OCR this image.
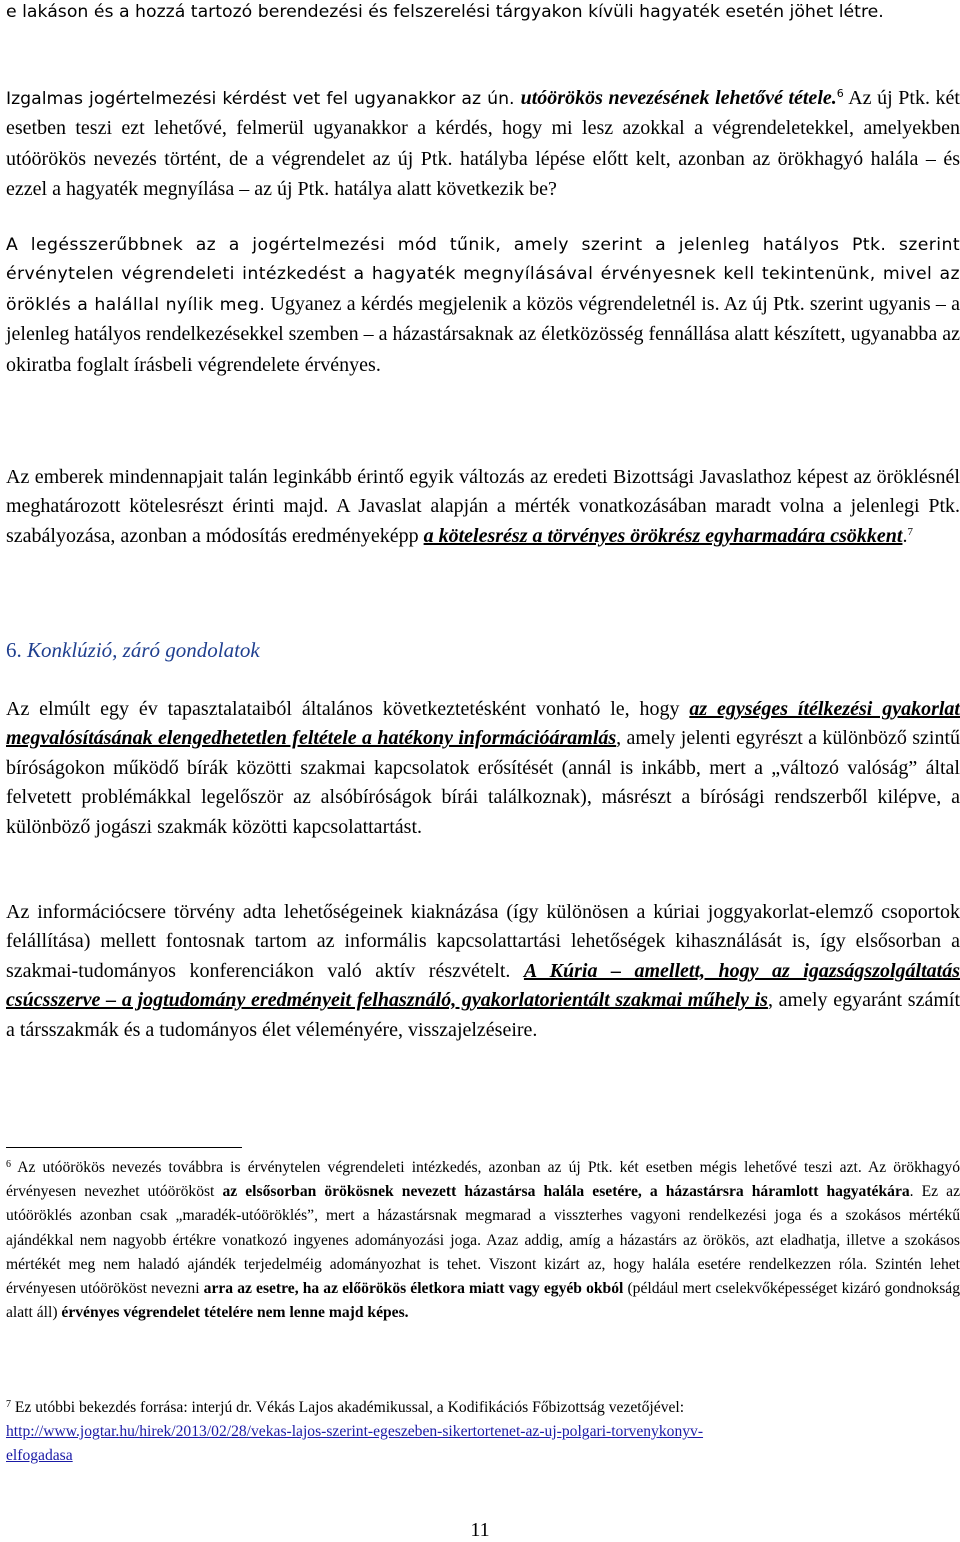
e lakáson és a hozzá tartozó berendezési és felszerelési tárgyakon kívüli hagyaték esetén jöhet létre.

Izgalmas jogértelmezési kérdést vet fel ugyanakkor az ún. utóörökös nevezésének lehetővé tétele.$^6$ Az új Ptk. két esetben teszi ezt lehetővé, felmerül ugyanakkor a kérdés, hogy mi lesz azokkal a végrendeletekkel, amelyekben utóörökös nevezés történt, de a végrendelet az új Ptk. hatályba lépése előtt kelt, azonban az örökhagyó halála – és ezzel a hagyaték megnyílása – az új Ptk. hatálya alatt következik be?

A legésszerűbbnek az a jogértelmezési mód tűnik, amely szerint a jelenleg hatályos Ptk. szerint érvénytelen végrendeleti intézkedést a hagyaték megnyílásával érvényesnek kell tekintenünk, mivel az öröklés a halállal nyílik meg. Ugyanez a kérdés megjelenik a közös végrendeletnél is. Az új Ptk. szerint ugyanis – a jelenleg hatályos rendelkezésekkel szemben – a házastársaknak az életközösség fennállása alatt készített, ugyanabba az okiratba foglalt írásbeli végrendelete érvényes.

Az emberek mindennapjait talán leginkább érintő egyik változás az eredeti Bizottsági Javaslathoz képest az öröklésnél meghatározott kötelesrészt érinti majd. A Javaslat alapján a mérték vonatkozásában maradt volna a jelenlegi Ptk. szabályozása, azonban a módosítás eredményeképp a kötelesrész a törvényes örökrész egyharmadára csökkent.$^7$

6. Konklúzió, záró gondolatok

Az elmúlt egy év tapasztalataiból általános következtetésként vonható le, hogy az egységes ítélkezési gyakorlat megvalósításának elengedhetetlen feltétele a hatékony információáramlás, amely jelenti egyrészt a különböző szintű bíróságokon működő bírák közötti szakmai kapcsolatok erősítését (annál is inkább, mert a „változó valóság” által felvetett problémákkal legelőször az alsóbíróságok bírái találkoznak), másrészt a bírósági rendszerből kilépve, a különböző jogászi szakmák közötti kapcsolattartást.

Az információcsere törvény adta lehetőségeinek kiaknázása (így különösen a kúriai joggyakorlat-elemző csoportok felállítása) mellett fontosnak tartom az informális kapcsolattartási lehetőségek kihasználását is, így elsősorban a szakmai-tudományos konferenciákon való aktív részvételt. A Kúria – amellett, hogy az igazságszolgáltatás csúcsszerve – a jogtudomány eredményeit felhasználó, gyakorlatorientált szakmai műhely is, amely egyaránt számít a társszakmák és a tudományos élet véleményére, visszajelzéseire.

$^6$ Az utóörökös nevezés továbbra is érvénytelen végrendeleti intézkedés, azonban az új Ptk. két esetben mégis lehetővé teszi azt. Az örökhagyó érvényesen nevezhet utóörököst az elsősorban örökösnek nevezett házastársa halála esetére, a házastársra háramlott hagyatékára. Ez az utóöröklés azonban csak „maradék-utóöröklés”, mert a házastársnak megmarad a visszterhes vagyoni rendelkezési joga és a szokásos mértékű ajándékkal nem nagyobb értékre vonatkozó ingyenes adományozási joga. Azaz addig, amíg a házastárs az örökös, azt eladhatja, illetve a szokásos mértékét meg nem haladó ajándék terjedelméig adományozhat is tehet. Viszont kizárt az, hogy halála esetére rendelkezzen róla. Szintén lehet érvényesen utóörököst nevezni arra az esetre, ha az előörökös életkora miatt vagy egyéb okból (például mert cselekvőképességet kizáró gondnokság alatt áll) érvényes végrendelet tételére nem lenne majd képes.

$^7$ Ez utóbbi bekezdés forrása: interjú dr. Vékás Lajos akadémikussal, a Kodifikációs Főbizottság vezetőjével:

http://www.jogtar.hu/hirek/2013/02/28/vekas-lajos-szerint-egeszeben-sikertortenet-az-uj-polgari-torvenykonyv-

elfogadasa

11
